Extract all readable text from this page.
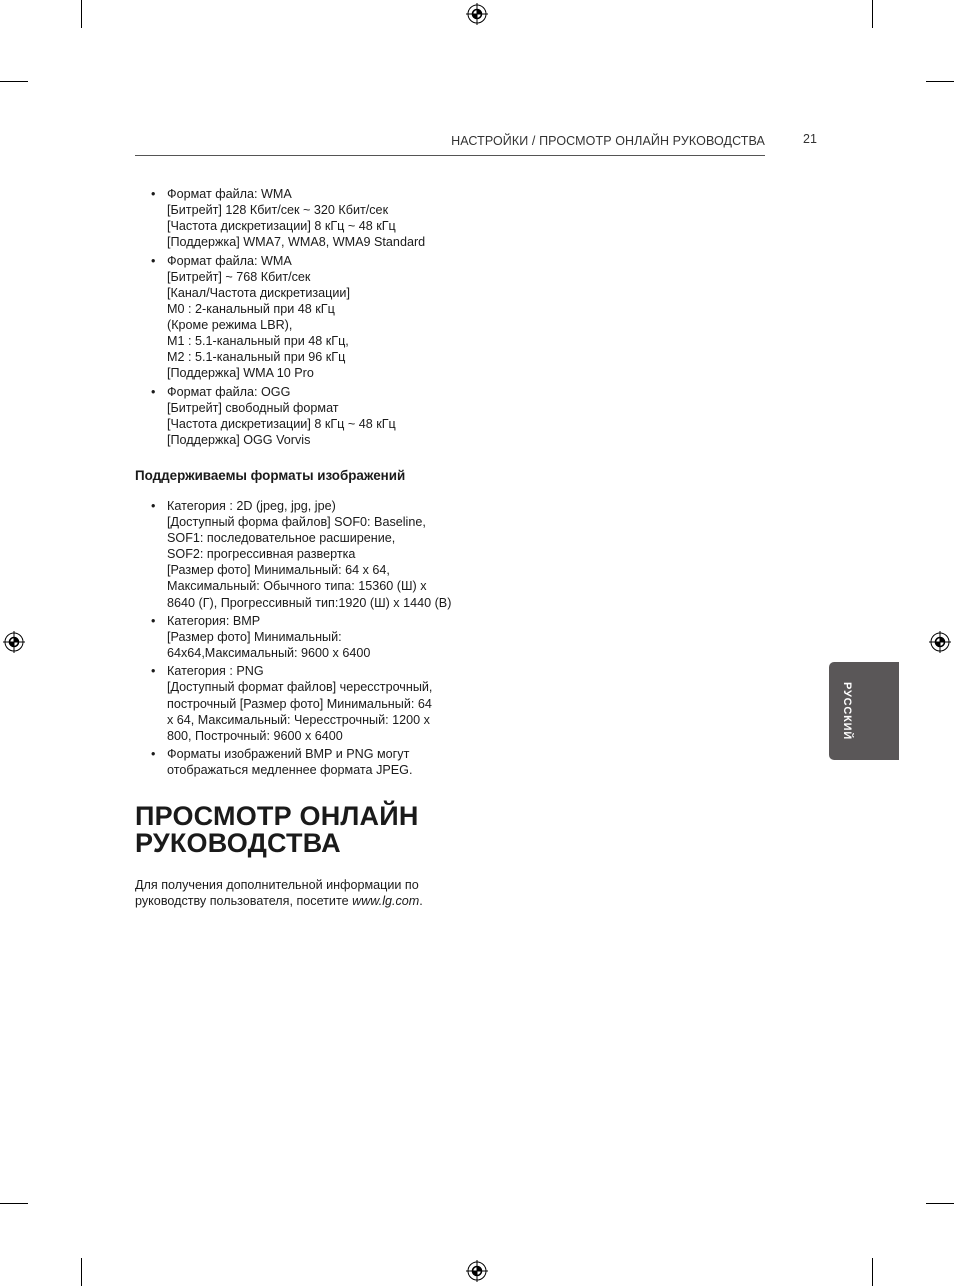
НАСТРОЙКИ / ПРОСМОТР ОНЛАЙН РУКОВОДСТВА	21
• Формат файла: WMA
[Битрейт] 128 Кбит/сек ~ 320 Кбит/сек
[Частота дискретизации] 8 кГц ~ 48 кГц
[Поддержка] WMA7, WMA8, WMA9 Standard
• Формат файла: WMA
[Битрейт] ~ 768 Кбит/сек
[Канал/Частота дискретизации]
M0 : 2-канальный при 48 кГц
(Кроме режима LBR),
M1 : 5.1-канальный при 48 кГц,
M2 : 5.1-канальный при 96 кГц
[Поддержка] WMA 10 Pro
• Формат файла: OGG
[Битрейт] свободный формат
[Частота дискретизации] 8 кГц ~ 48 кГц
[Поддержка] OGG Vorvis
Поддерживаемы форматы изображений
• Категория : 2D (jpeg, jpg, jpe)
[Доступный форма файлов] SOF0: Baseline,
SOF1: последовательное расширение,
SOF2: прогрессивная развертка
[Размер фото] Минимальный: 64 x 64,
Максимальный: Обычного типа: 15360 (Ш) x
8640 (Г), Прогрессивный тип:1920 (Ш) x 1440 (В)
• Категория: BMP
[Размер фото] Минимальный:
64x64,Максимальный: 9600 x 6400
• Категория : PNG
[Доступный формат файлов] чересстрочный,
построчный [Размер фото] Минимальный: 64
x 64, Максимальный: Чересстрочный: 1200 x
800, Построчный: 9600 x 6400
• Форматы изображений BMP и PNG могут
отображаться медленнее формата JPEG.
ПРОСМОТР ОНЛАЙН
РУКОВОДСТВА
Для получения дополнительной информации по
руководству пользователя, посетите www.lg.com.
РУССКИЙ
